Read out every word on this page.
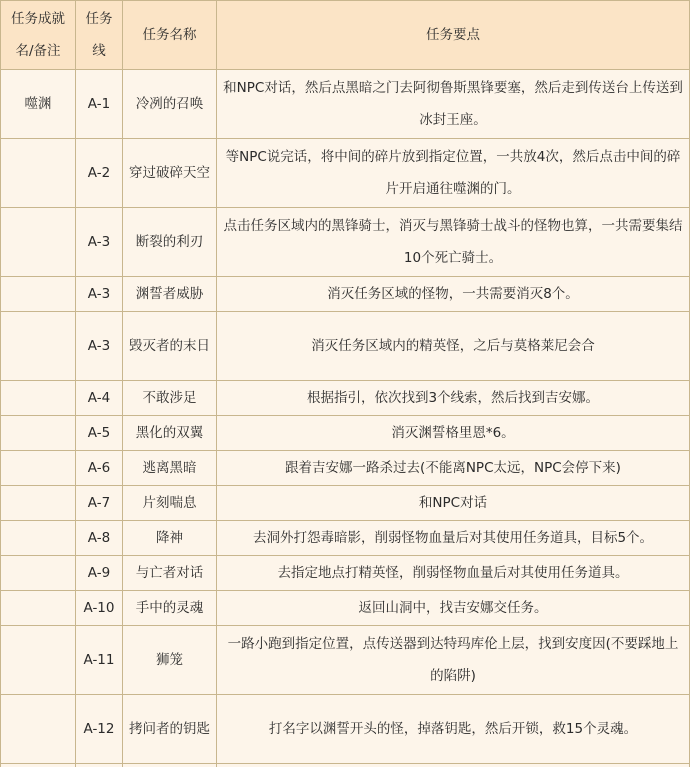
任务成就名/备注	任务线	任务名称	任务要点
噬渊	A-1	冷冽的召唤	和NPC对话，然后点黑暗之门去阿彻鲁斯黑锋要塞，然后走到传送台上传送到冰封王座。
	A-2	穿过破碎天空	等NPC说完话，将中间的碎片放到指定位置，一共放4次，然后点击中间的碎片开启通往噬渊的门。
	A-3	断裂的利刃	点击任务区域内的黑锋骑士，消灭与黑锋骑士战斗的怪物也算，一共需要集结10个死亡骑士。
	A-3	渊誓者威胁	消灭任务区域的怪物，一共需要消灭8个。
	A-3	毁灭者的末日	消灭任务区域内的精英怪，之后与莫格莱尼会合
	A-4	不敢涉足	根据指引，依次找到3个线索，然后找到吉安娜。
	A-5	黑化的双翼	消灭渊誓格里恩*6。
	A-6	逃离黑暗	跟着吉安娜一路杀过去(不能离NPC太远，NPC会停下来)
	A-7	片刻喘息	和NPC对话
	A-8	降神	去洞外打怨毒暗影，削弱怪物血量后对其使用任务道具，目标5个。
	A-9	与亡者对话	去指定地点打精英怪，削弱怪物血量后对其使用任务道具。
	A-10	手中的灵魂	返回山洞中，找吉安娜交任务。
	A-11	狮笼	一路小跑到指定位置，点传送器到达特玛库伦上层，找到安度因(不要踩地上的陷阱)
	A-12	拷问者的钥匙	打名字以渊誓开头的怪，掉落钥匙，然后开锁，救15个灵魂。
